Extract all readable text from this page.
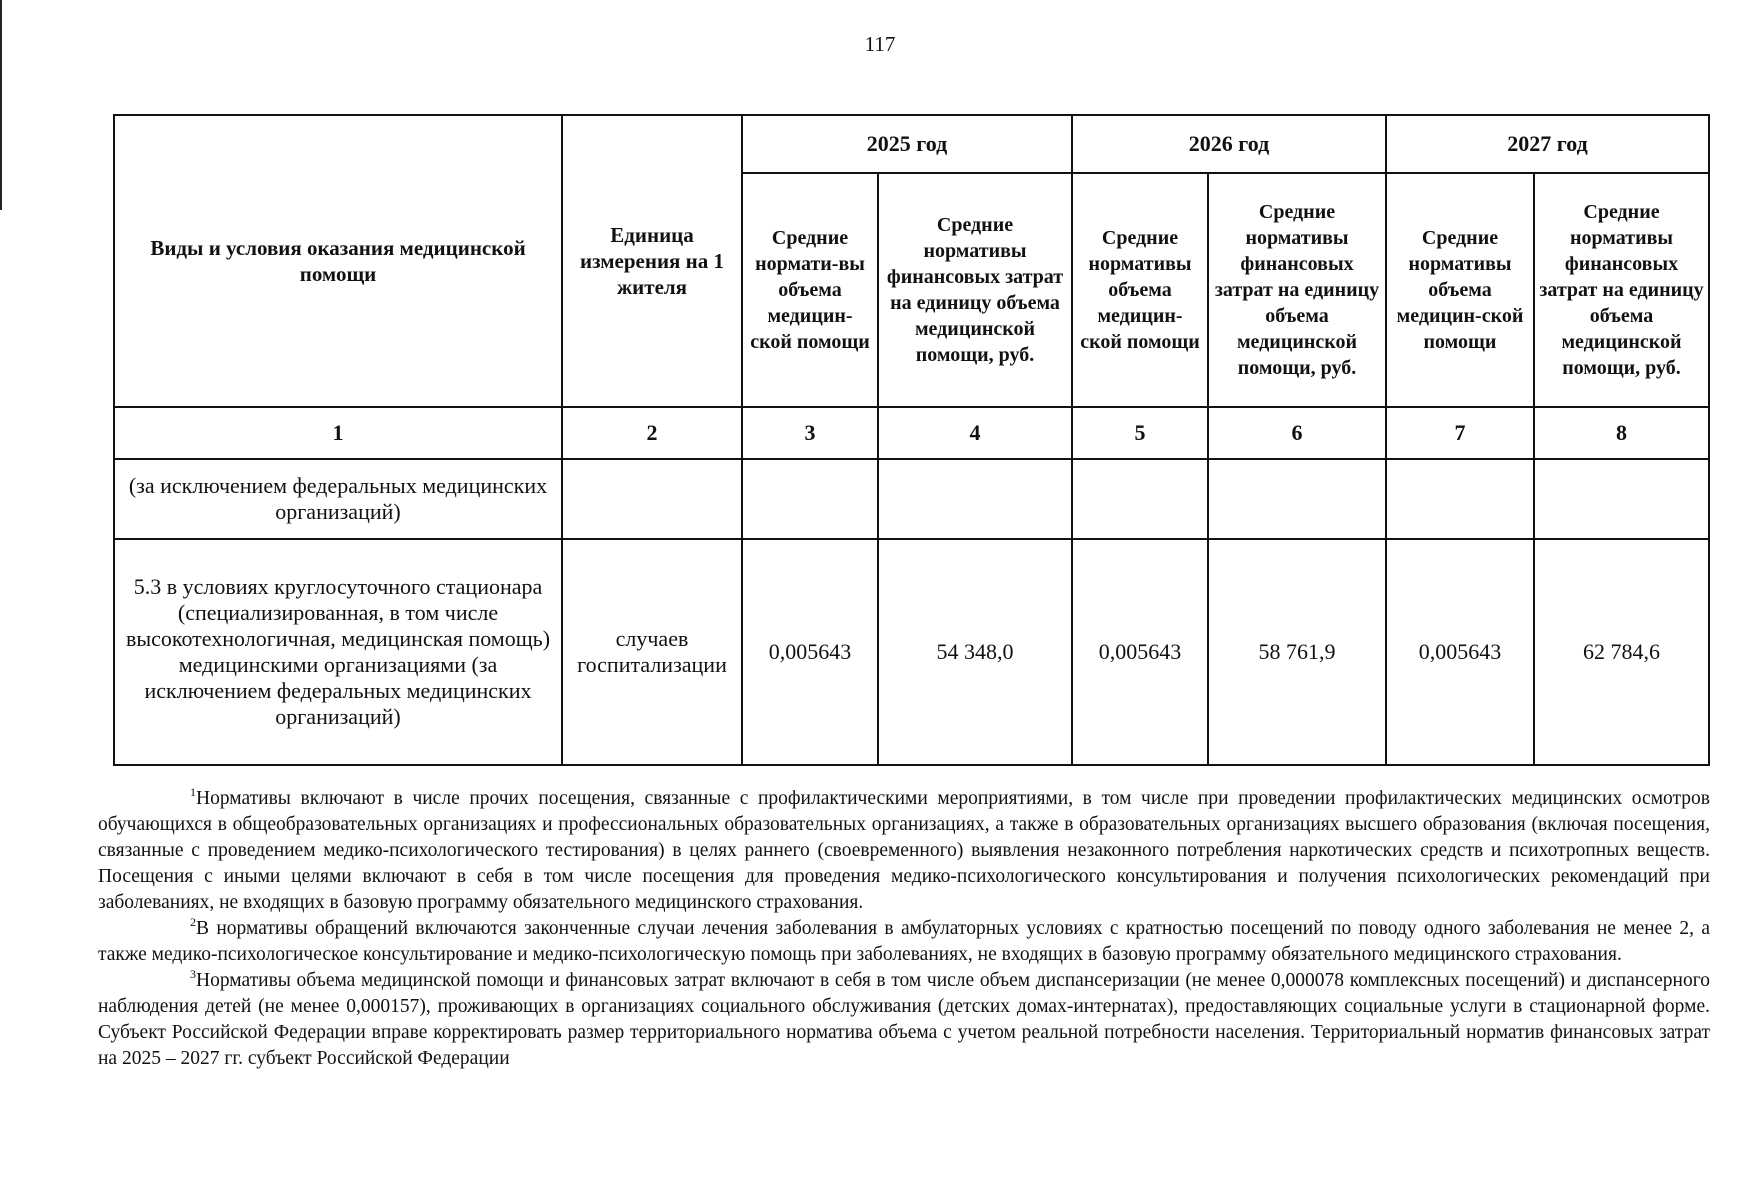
117
Виды и условия оказания медицинской помощи	Единица измерения на 1 жителя	2025 год		2026 год		2027 год	
		Средние нормати-вы объема медицин-ской помощи	Средние нормативы финансовых затрат на единицу объема медицинской помощи, руб.	Средние нормативы объема медицин-ской помощи	Средние нормативы финансовых затрат на единицу объема медицинской помощи, руб.	Средние нормативы объема медицин-ской помощи	Средние нормативы финансовых затрат на единицу объема медицинской помощи, руб.
1	2	3	4	5	6	7	8
(за исключением федеральных медицинских организаций)							
5.3 в условиях круглосуточного стационара (специализированная, в том числе высокотехнологичная, медицинская помощь) медицинскими организациями (за исключением федеральных медицинских организаций)	случаев госпитализации	0,005643	54 348,0	0,005643	58 761,9	0,005643	62 784,6

$^1$Нормативы включают в числе прочих посещения, связанные с профилактическими мероприятиями, в том числе при проведении профилактических медицинских осмотров обучающихся в общеобразовательных организациях и профессиональных образовательных организациях, а также в образовательных организациях высшего образования (включая посещения, связанные с проведением медико-психологического тестирования) в целях раннего (своевременного) выявления незаконного потребления наркотических средств и психотропных веществ. Посещения с иными целями включают в себя в том числе посещения для проведения медико-психологического консультирования и получения психологических рекомендаций при заболеваниях, не входящих в базовую программу обязательного медицинского страхования.

$^2$В нормативы обращений включаются законченные случаи лечения заболевания в амбулаторных условиях с кратностью посещений по поводу одного заболевания не менее 2, а также медико-психологическое консультирование и медико-психологическую помощь при заболеваниях, не входящих в базовую программу обязательного медицинского страхования.

$^3$Нормативы объема медицинской помощи и финансовых затрат включают в себя в том числе объем диспансеризации (не менее 0,000078 комплексных посещений) и диспансерного наблюдения детей (не менее 0,000157), проживающих в организациях социального обслуживания (детских домах-интернатах), предоставляющих социальные услуги в стационарной форме. Субъект Российской Федерации вправе корректировать размер территориального норматива объема с учетом реальной потребности населения. Территориальный норматив финансовых затрат на 2025 – 2027 гг. субъект Российской Федерации
